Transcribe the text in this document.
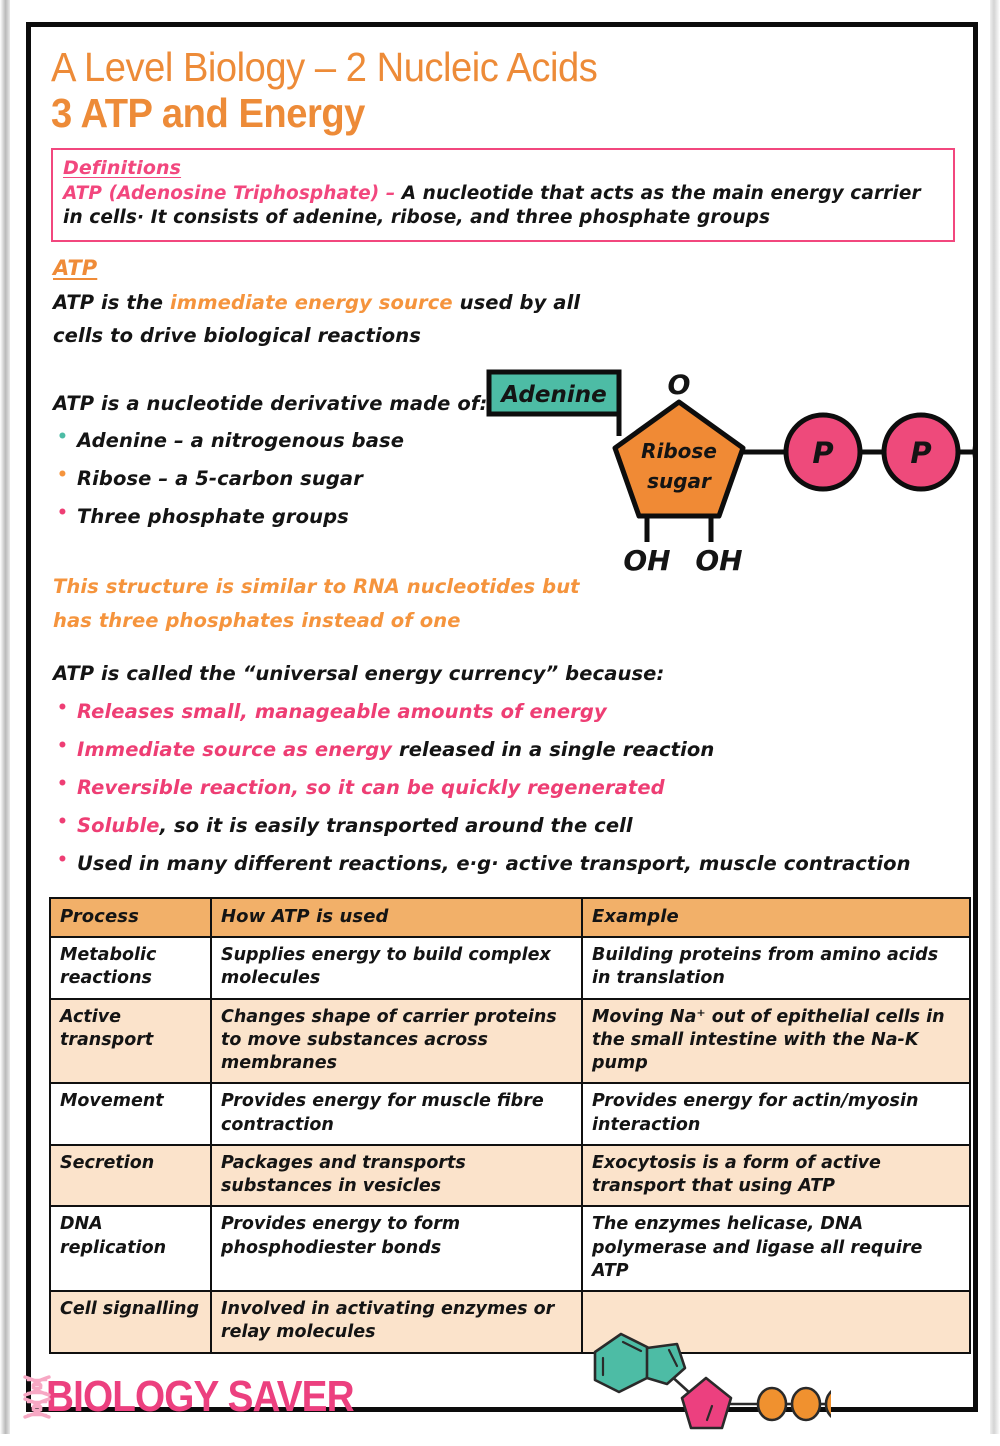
A Level Biology – 2 Nucleic Acids
3 ATP and Energy
Definitions
ATP (Adenosine Triphosphate) – A nucleotide that acts as the main energy carrier in cells· It consists of adenine, ribose, and three phosphate groups
ATP
Adenine
Ribose
sugar
O
OH OH
P	P

ATP is the immediate energy source used by all

cells to drive biological reactions

ATP is a nucleotide derivative made of:

• Adenine – a nitrogenous base
• Ribose – a 5-carbon sugar
• Three phosphate groups

This structure is similar to RNA nucleotides but

has three phosphates instead of one

ATP is called the “universal energy currency” because:

• Releases small, manageable amounts of energy
• Immediate source as energy released in a single reaction
• Reversible reaction, so it can be quickly regenerated
• Soluble, so it is easily transported around the cell
• Used in many different reactions, e·g· active transport, muscle contraction
Process	How ATP is used	Example
Metabolic reactions	Supplies energy to build complex molecules	Building proteins from amino acids in translation
Active transport	Changes shape of carrier proteins to move substances across membranes	Moving Na⁺ out of epithelial cells in the small intestine with the Na-K pump
Movement	Provides energy for muscle fibre contraction	Provides energy for actin/myosin interaction
Secretion	Packages and transports substances in vesicles	Exocytosis is a form of active transport that using ATP
DNA replication	Provides energy to form phosphodiester bonds	The enzymes helicase, DNA polymerase and ligase all require ATP
Cell signalling	Involved in activating enzymes or relay molecules	
BIOLOGY SAVER
